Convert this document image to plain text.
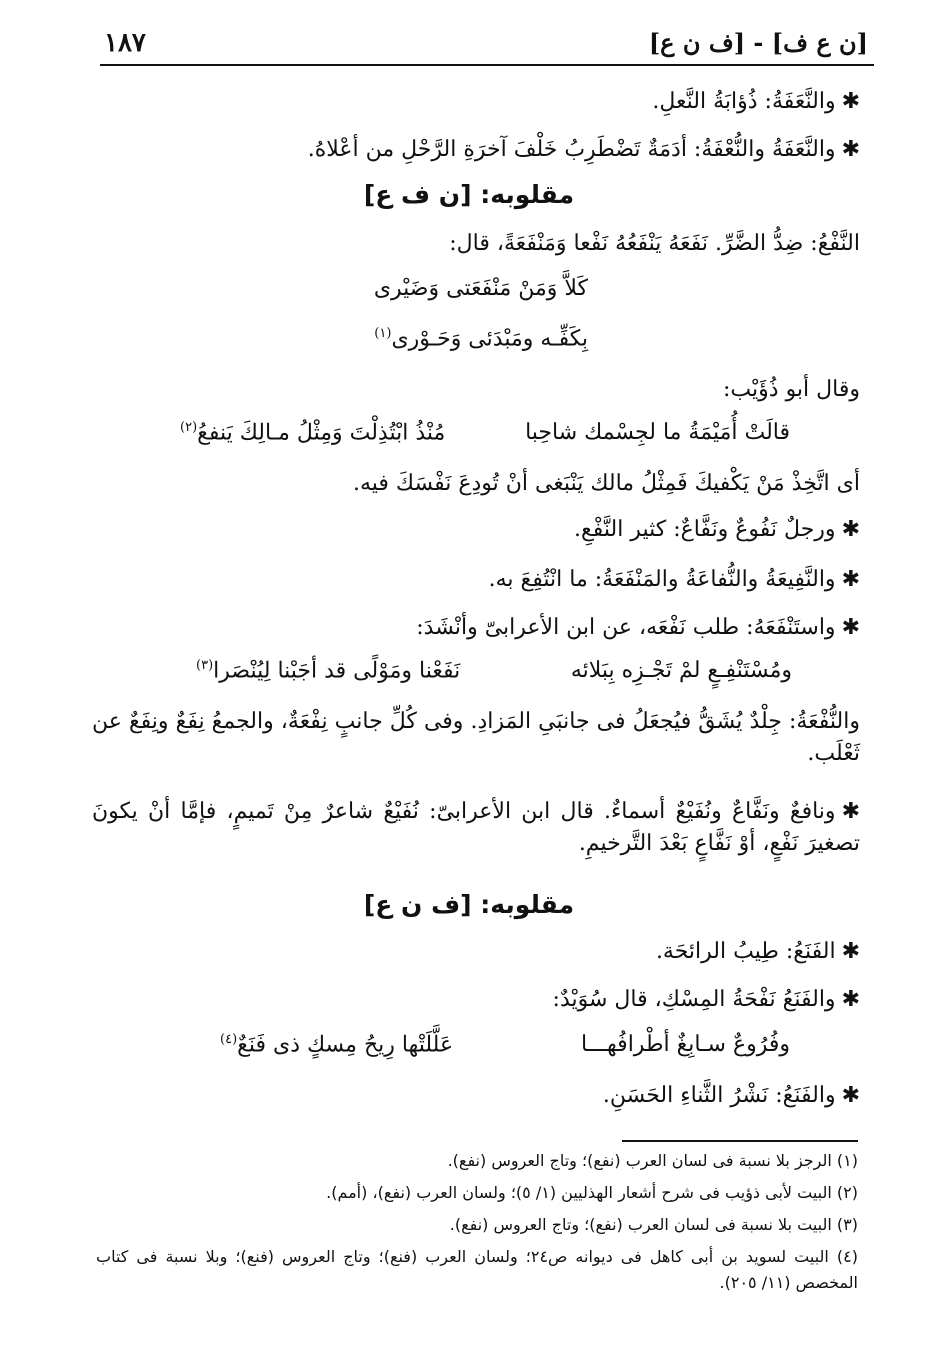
[ن ع ف] - [ف ن ع]
١٨٧
✱والنَّعَفَةُ: ذُؤابَةُ النَّعلِ.
✱والنَّعَفَةُ والنُّعْفَةُ: أدَمَةٌ تَضْطَرِبُ خَلْفَ آخرَةِ الرَّحْلِ من أعْلاهُ.
مقلوبه: [ن ف ع]
النَّفْعُ: ضِدُّ الضَّرِّ. نَفَعَهُ يَنْفَعُهُ نَفْعا وَمَنْفَعَةً، قال:
كَلاَّ وَمَنْ مَنْفَعَتى وَضَيْرى
بِكَفِّـه ومَبْدَئى وَحَـوْرى$^{(١)}$
وقال أبو ذُؤَيْب:
قالَتْ أُمَيْمَةُ ما لجِسْمك شاحِبا
مُنْذُ ابْتُذِلْتَ وَمِثْلُ مـالِكَ يَنفعُ$^{(٢)}$
أى اتَّخِذْ مَنْ يَكْفيكَ فَمِثْلُ مالك يَنْبَغى أنْ تُودِعَ نَفْسَكَ فيه.
✱ورجلٌ نَفُوعٌ ونَفَّاعٌ: كثير النَّفْعِ.
✱والنَّفِيعَةُ والنُّفاعَةُ والمَنْفَعَةُ: ما انْتُفِعَ به.
✱واستَنْفَعَهُ: طلب نَفْعَه، عن ابن الأعرابىّ وأنْشَدَ:
ومُسْتَنْفِـعٍ لمْ تَجْـزِه بِبَلائه
نَفَعْنا ومَوْلًى قد أجَبْنا لِيُنْصَرا$^{(٣)}$
والنُّفْعَةُ: جِلْدٌ يُشَقُّ فيُجعَلُ فى جانبَىِ المَزادِ. وفى كُلِّ جانبٍ نِفْعَةٌ، والجمعُ نِفَعٌ ونِفَعٌ عن ثَعْلَب.
✱ونافعٌ ونَفَّاعٌ ونُفَيْعٌ أسماءٌ. قال ابن الأعرابىّ: نُفَيْعٌ شاعرٌ مِنْ تَميمٍ، فإمَّا أنْ يكونَ تصغيرَ نَفْعٍ، أوْ نَفَّاعٍ بَعْدَ التَّرخيمِ.
مقلوبه: [ف ن ع]
✱الفَنَعُ: طِيبُ الرائحَة.
✱والفَنَعُ نَفْحَةُ المِسْكِ، قال سُوَيْدٌ:
وفُرُوعٌ سـابِغٌ أطْرافُهـــا
عَلَّلَتْها رِيحُ مِسكٍ ذى فَنَعٌ$^{(٤)}$
✱والفَنَعُ: نَشْرُ الثَّناءِ الحَسَنِ.
(١) الرجز بلا نسبة فى لسان العرب (نفع)؛ وتاج العروس (نفع).
(٢) البيت لأبى ذؤيب فى شرح أشعار الهذليين (١/ ٥)؛ ولسان العرب (نفع)، (أمم).
(٣) البيت بلا نسبة فى لسان العرب (نفع)؛ وتاج العروس (نفع).
(٤) البيت لسويد بن أبى كاهل فى ديوانه ص٢٤؛ ولسان العرب (فنع)؛ وتاج العروس (فنع)؛ وبلا نسبة فى كتاب المخصص (١١/ ٢٠٥).
